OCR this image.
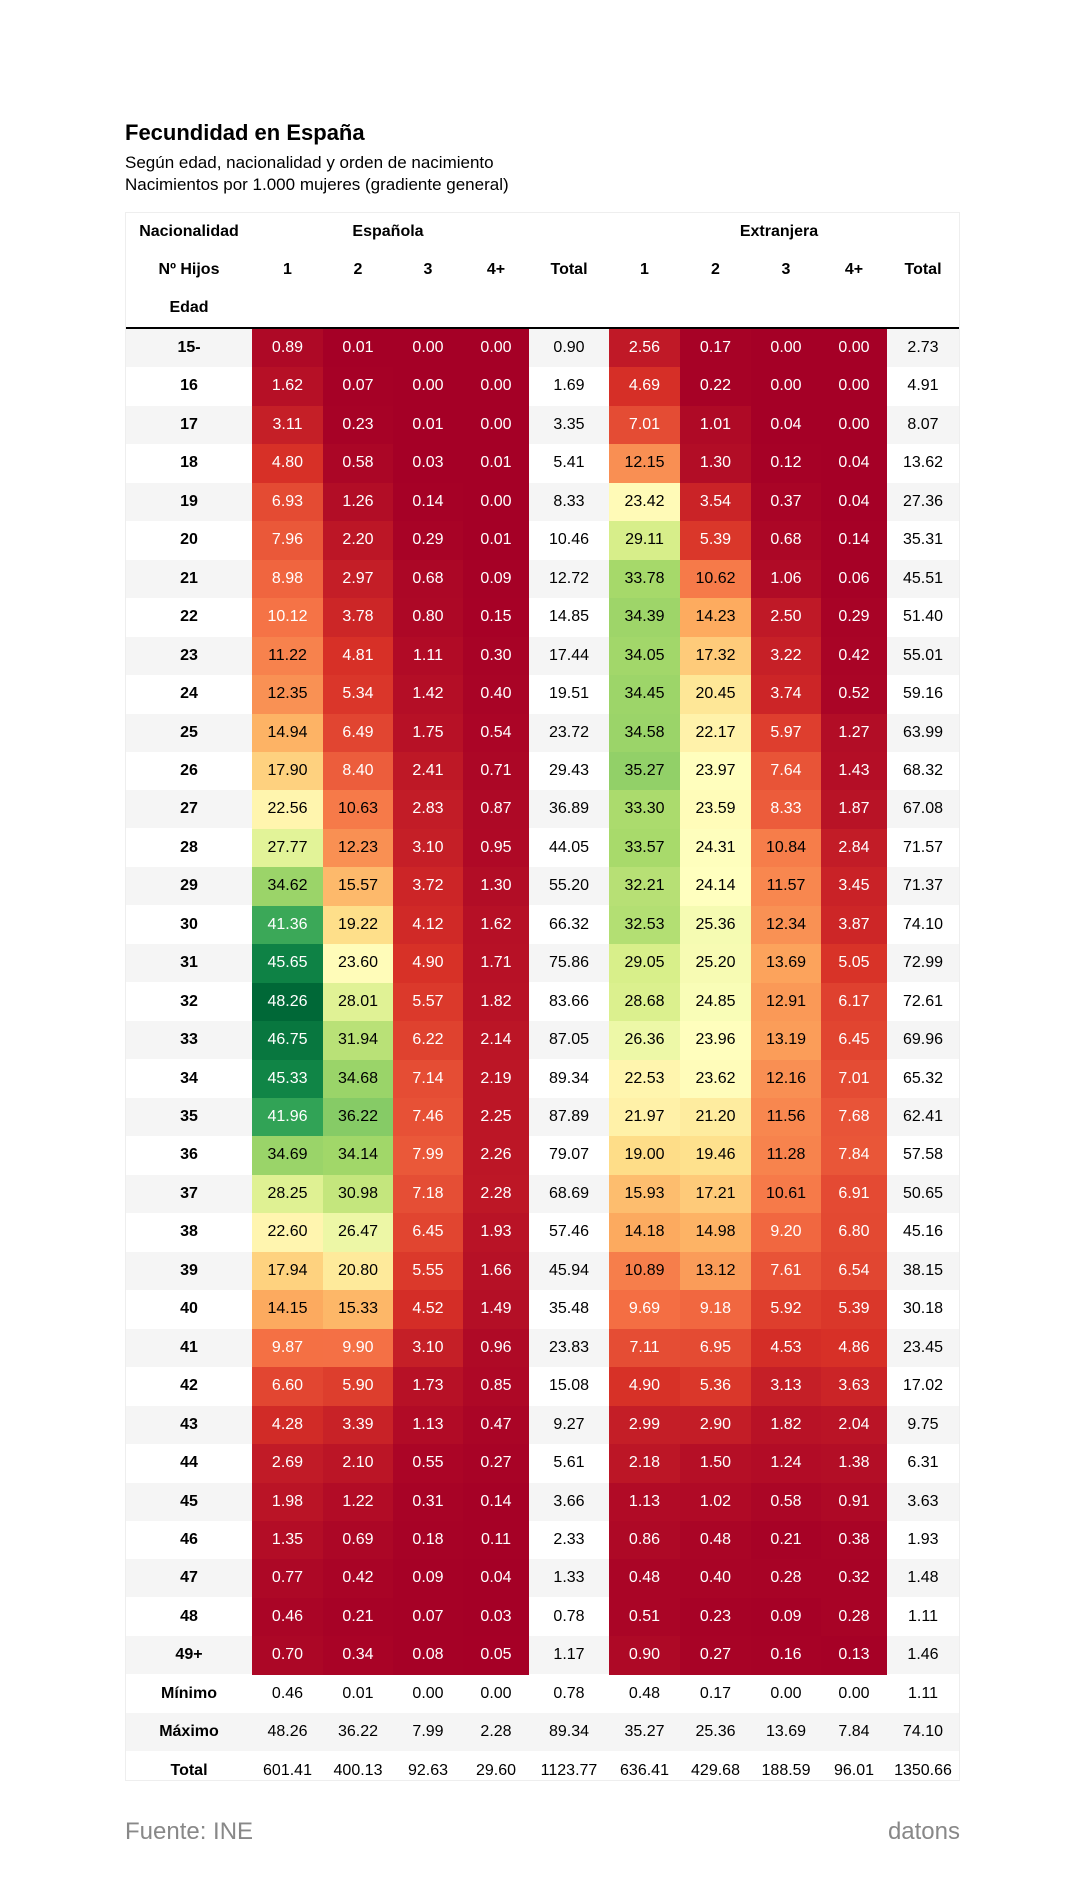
Fecundidad en España
Según edad, nacionalidad y orden de nacimiento
Nacimientos por 1.000 mujeres (gradiente general)
Nacionalidad	Española	Extranjera
Nº Hijos
Edad
1	2	3	4+	Total	1	2	3	4+	Total
15-	0.89	0.01	0.00	0.00	0.90	2.56	0.17	0.00	0.00	2.73
16	1.62	0.07	0.00	0.00	1.69	4.69	0.22	0.00	0.00	4.91
17	3.11	0.23	0.01	0.00	3.35	7.01	1.01	0.04	0.00	8.07
18	4.80	0.58	0.03	0.01	5.41	12.15	1.30	0.12	0.04	13.62
19	6.93	1.26	0.14	0.00	8.33	23.42	3.54	0.37	0.04	27.36
20	7.96	2.20	0.29	0.01	10.46	29.11	5.39	0.68	0.14	35.31
21	8.98	2.97	0.68	0.09	12.72	33.78	10.62	1.06	0.06	45.51
22	10.12	3.78	0.80	0.15	14.85	34.39	14.23	2.50	0.29	51.40
23	11.22	4.81	1.11	0.30	17.44	34.05	17.32	3.22	0.42	55.01
24	12.35	5.34	1.42	0.40	19.51	34.45	20.45	3.74	0.52	59.16
25	14.94	6.49	1.75	0.54	23.72	34.58	22.17	5.97	1.27	63.99
26	17.90	8.40	2.41	0.71	29.43	35.27	23.97	7.64	1.43	68.32
27	22.56	10.63	2.83	0.87	36.89	33.30	23.59	8.33	1.87	67.08
28	27.77	12.23	3.10	0.95	44.05	33.57	24.31	10.84	2.84	71.57
29	34.62	15.57	3.72	1.30	55.20	32.21	24.14	11.57	3.45	71.37
30	41.36	19.22	4.12	1.62	66.32	32.53	25.36	12.34	3.87	74.10
31	45.65	23.60	4.90	1.71	75.86	29.05	25.20	13.69	5.05	72.99
32	48.26	28.01	5.57	1.82	83.66	28.68	24.85	12.91	6.17	72.61
33	46.75	31.94	6.22	2.14	87.05	26.36	23.96	13.19	6.45	69.96
34	45.33	34.68	7.14	2.19	89.34	22.53	23.62	12.16	7.01	65.32
35	41.96	36.22	7.46	2.25	87.89	21.97	21.20	11.56	7.68	62.41
36	34.69	34.14	7.99	2.26	79.07	19.00	19.46	11.28	7.84	57.58
37	28.25	30.98	7.18	2.28	68.69	15.93	17.21	10.61	6.91	50.65
38	22.60	26.47	6.45	1.93	57.46	14.18	14.98	9.20	6.80	45.16
39	17.94	20.80	5.55	1.66	45.94	10.89	13.12	7.61	6.54	38.15
40	14.15	15.33	4.52	1.49	35.48	9.69	9.18	5.92	5.39	30.18
41	9.87	9.90	3.10	0.96	23.83	7.11	6.95	4.53	4.86	23.45
42	6.60	5.90	1.73	0.85	15.08	4.90	5.36	3.13	3.63	17.02
43	4.28	3.39	1.13	0.47	9.27	2.99	2.90	1.82	2.04	9.75
44	2.69	2.10	0.55	0.27	5.61	2.18	1.50	1.24	1.38	6.31
45	1.98	1.22	0.31	0.14	3.66	1.13	1.02	0.58	0.91	3.63
46	1.35	0.69	0.18	0.11	2.33	0.86	0.48	0.21	0.38	1.93
47	0.77	0.42	0.09	0.04	1.33	0.48	0.40	0.28	0.32	1.48
48	0.46	0.21	0.07	0.03	0.78	0.51	0.23	0.09	0.28	1.11
49+	0.70	0.34	0.08	0.05	1.17	0.90	0.27	0.16	0.13	1.46
Mínimo	0.46	0.01	0.00	0.00	0.78	0.48	0.17	0.00	0.00	1.11
Máximo	48.26	36.22	7.99	2.28	89.34	35.27	25.36	13.69	7.84	74.10
Total	601.41	400.13	92.63	29.60	1123.77	636.41	429.68	188.59	96.01	1350.66
Fuente: INE	datons
